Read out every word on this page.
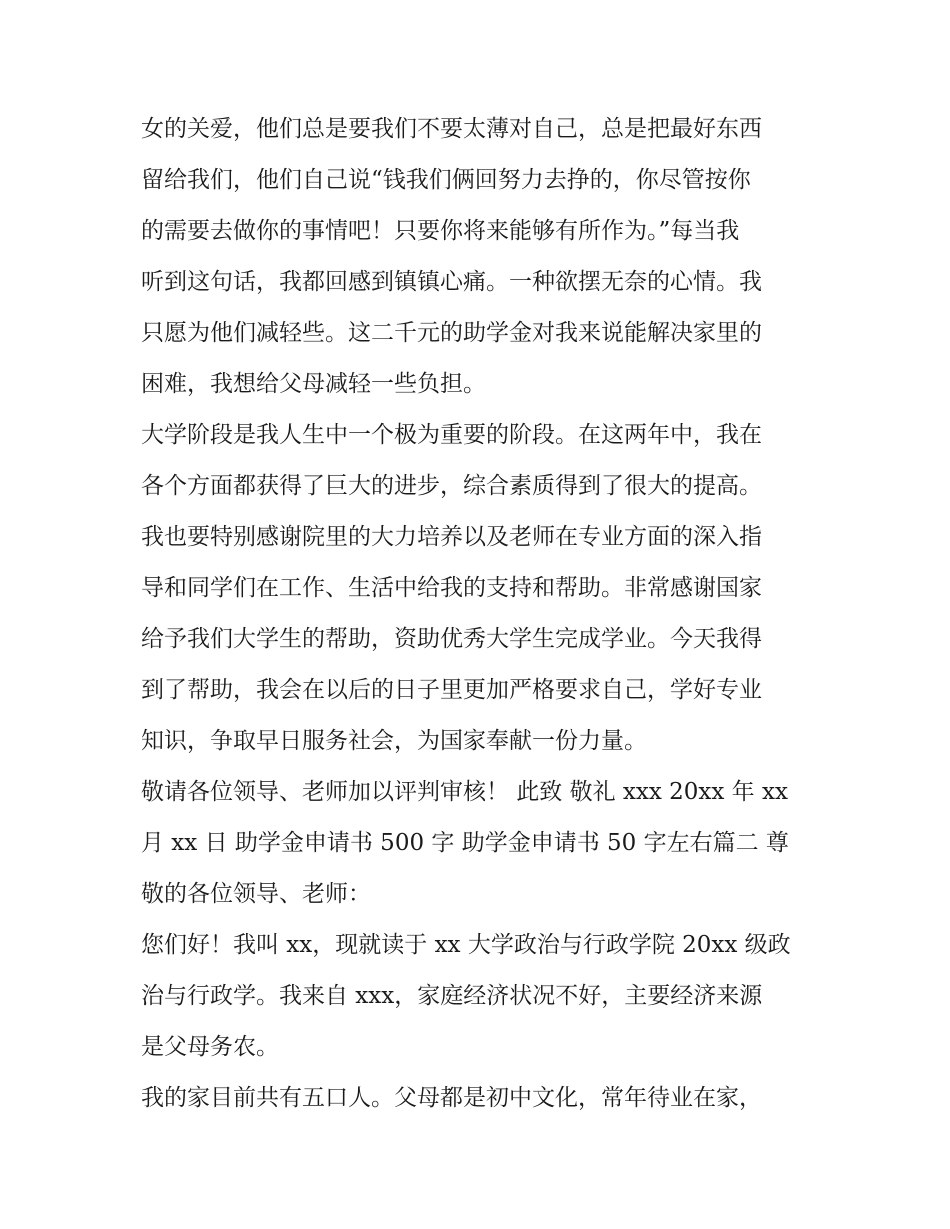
女的关爱，他们总是要我们不要太薄对自己，总是把最好东西
留给我们，他们自己说“钱我们俩回努力去挣的，你尽管按你
的需要去做你的事情吧！只要你将来能够有所作为。”每当我
听到这句话，我都回感到镇镇心痛。一种欲摆无奈的心情。我
只愿为他们减轻些。这二千元的助学金对我来说能解决家里的
困难，我想给父母减轻一些负担。
大学阶段是我人生中一个极为重要的阶段。在这两年中，我在
各个方面都获得了巨大的进步，综合素质得到了很大的提高。
我也要特别感谢院里的大力培养以及老师在专业方面的深入指
导和同学们在工作、生活中给我的支持和帮助。非常感谢国家
给予我们大学生的帮助，资助优秀大学生完成学业。今天我得
到了帮助，我会在以后的日子里更加严格要求自己，学好专业
知识，争取早日服务社会，为国家奉献一份力量。
敬请各位领导、老师加以评判审核！ 此致 敬礼 xxx 20xx 年 xx
月 xx 日 助学金申请书 500 字 助学金申请书 50 字左右篇二 尊
敬的各位领导、老师：
您们好！我叫 xx，现就读于 xx 大学政治与行政学院 20xx 级政
治与行政学。我来自 xxx，家庭经济状况不好，主要经济来源
是父母务农。
我的家目前共有五口人。父母都是初中文化，常年待业在家，
